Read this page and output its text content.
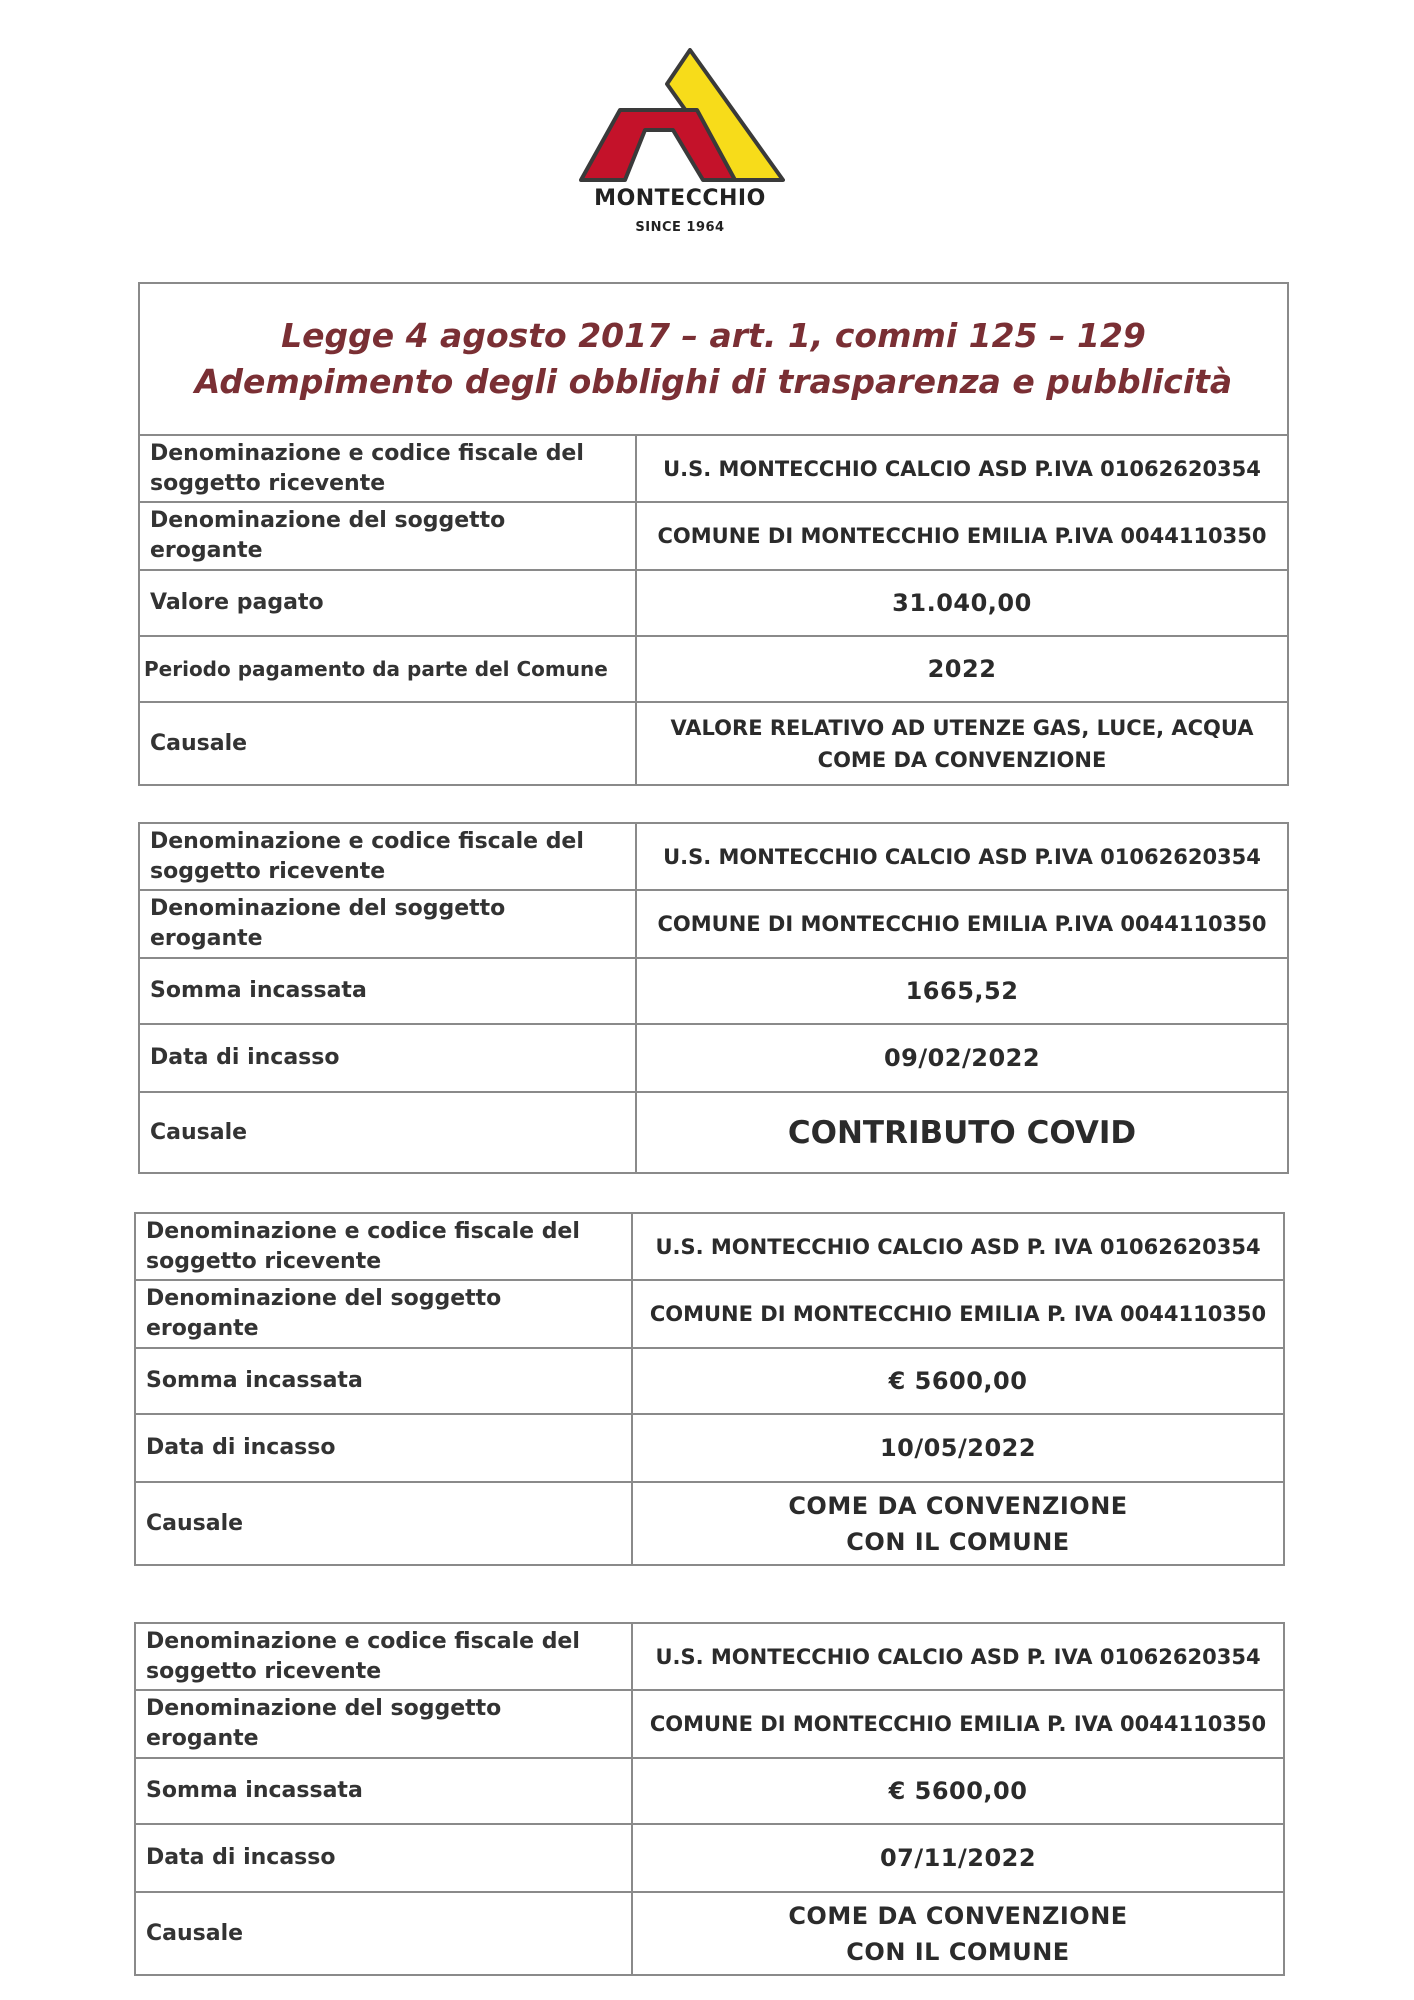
MONTECCHIO
SINCE 1964
Legge 4 agosto 2017 – art. 1, commi 125 – 129
Adempimento degli obblighi di trasparenza e pubblicità
Denominazione e codice fiscale del soggetto ricevente	U.S. MONTECCHIO CALCIO ASD P.IVA 01062620354
Denominazione del soggetto erogante	COMUNE DI MONTECCHIO EMILIA P.IVA 0044110350
Valore pagato	31.040,00
Periodo pagamento da parte del Comune	2022
Causale	VALORE RELATIVO AD UTENZE GAS, LUCE, ACQUA
COME DA CONVENZIONE
Denominazione e codice fiscale del soggetto ricevente	U.S. MONTECCHIO CALCIO ASD P.IVA 01062620354
Denominazione del soggetto erogante	COMUNE DI MONTECCHIO EMILIA P.IVA 0044110350
Somma incassata	1665,52
Data di incasso	09/02/2022
Causale	CONTRIBUTO COVID
Denominazione e codice fiscale del soggetto ricevente	U.S. MONTECCHIO CALCIO ASD P. IVA 01062620354
Denominazione del soggetto erogante	COMUNE DI MONTECCHIO EMILIA P. IVA 0044110350
Somma incassata	€ 5600,00
Data di incasso	10/05/2022
Causale	COME DA CONVENZIONE
CON IL COMUNE
Denominazione e codice fiscale del soggetto ricevente	U.S. MONTECCHIO CALCIO ASD P. IVA 01062620354
Denominazione del soggetto erogante	COMUNE DI MONTECCHIO EMILIA P. IVA 0044110350
Somma incassata	€ 5600,00
Data di incasso	07/11/2022
Causale	COME DA CONVENZIONE
CON IL COMUNE
